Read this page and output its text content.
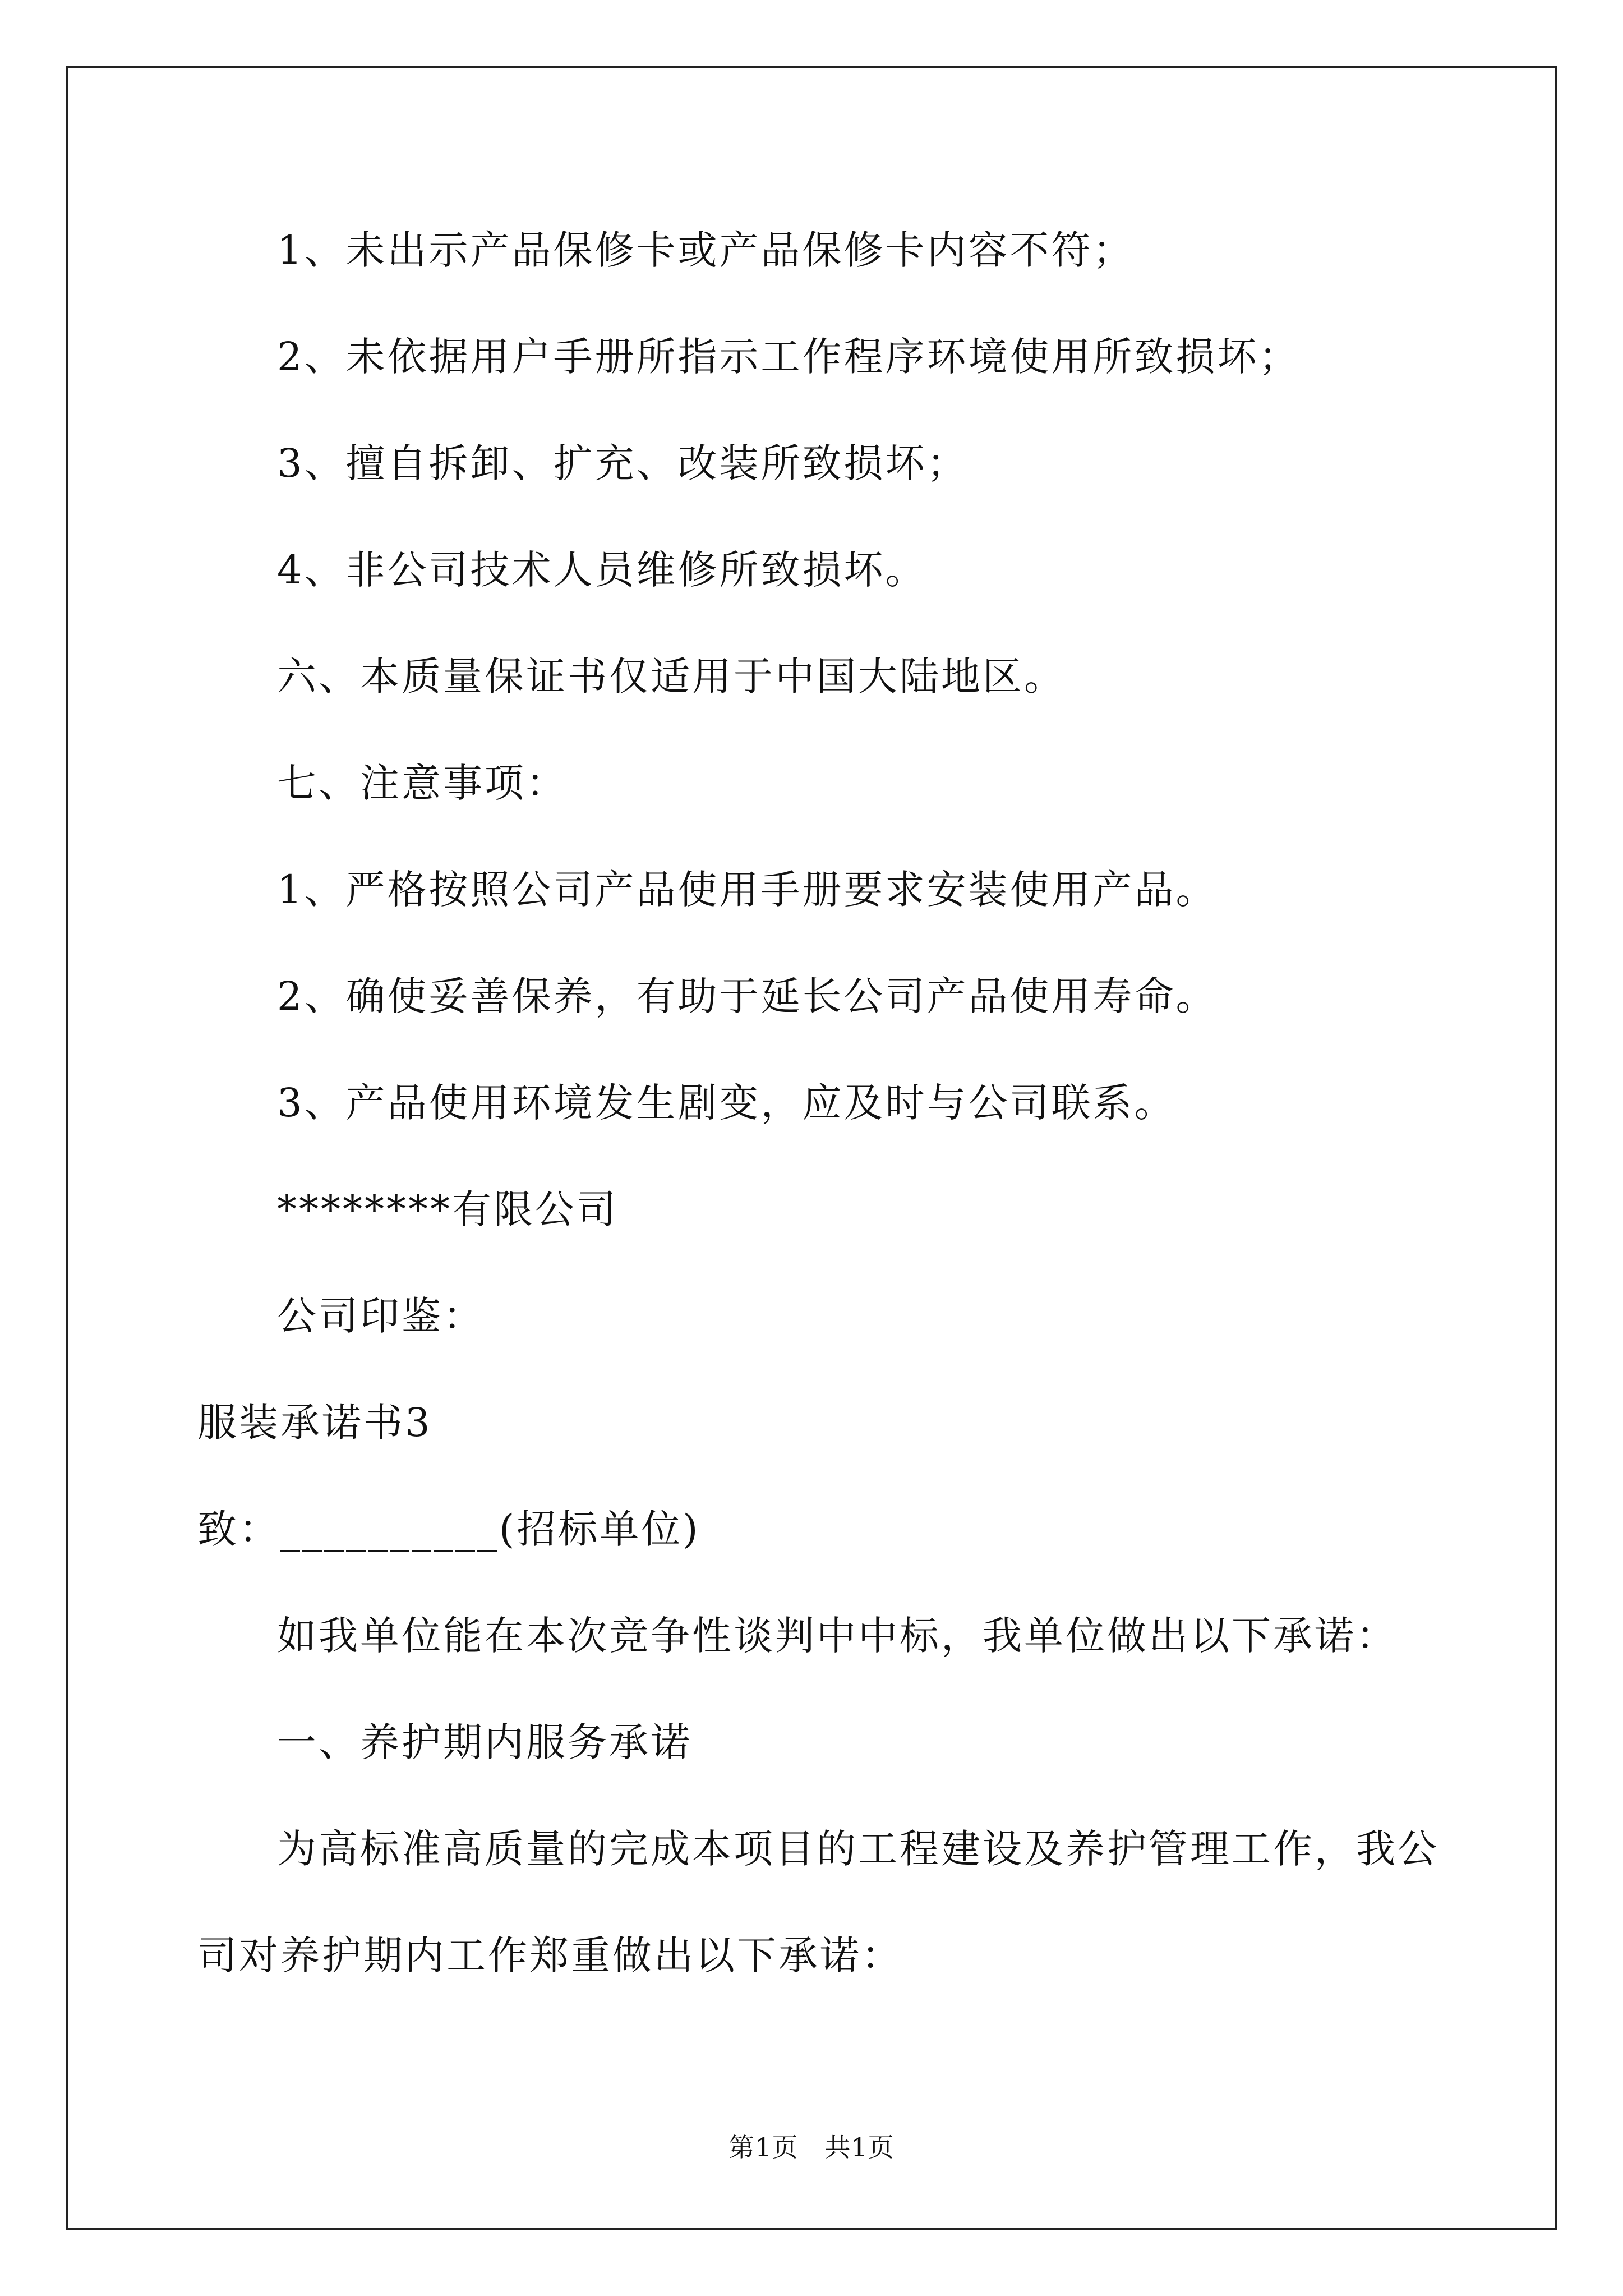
1、未出示产品保修卡或产品保修卡内容不符；
2、未依据用户手册所指示工作程序环境使用所致损坏；
3、擅自拆卸、扩充、改装所致损坏；
4、非公司技术人员维修所致损坏。
六、本质量保证书仅适用于中国大陆地区。
七、注意事项：
1、严格按照公司产品使用手册要求安装使用产品。
2、确使妥善保养，有助于延长公司产品使用寿命。
3、产品使用环境发生剧变，应及时与公司联系。
********有限公司
公司印鉴：
服装承诺书3
致：__________(招标单位)
如我单位能在本次竞争性谈判中中标，我单位做出以下承诺：
一、养护期内服务承诺
为高标准高质量的完成本项目的工程建设及养护管理工作，我公
司对养护期内工作郑重做出以下承诺：
第1页   共1页
